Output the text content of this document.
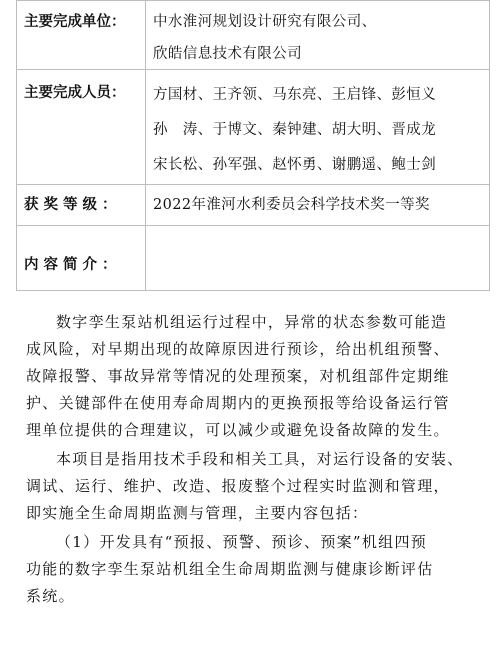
主要完成单位：	中水淮河规划设计研究有限公司、
欣皓信息技术有限公司

主要完成人员：	方国材、王齐领、马东亮、王启锋、彭恒义
孙　涛、于博文、秦钟建、胡大明、晋成龙
宋长松、孙军强、赵怀勇、谢鹏遥、鲍士剑

获奖等级：	2022年淮河水利委员会科学技术奖一等奖

内容简介：	

数字孪生泵站机组运行过程中，异常的状态参数可能造
成风险，对早期出现的故障原因进行预诊，给出机组预警、
故障报警、事故异常等情况的处理预案，对机组部件定期维
护、关键部件在使用寿命周期内的更换预报等给设备运行管
理单位提供的合理建议，可以减少或避免设备故障的发生。
本项目是指用技术手段和相关工具，对运行设备的安装、
调试、运行、维护、改造、报废整个过程实时监测和管理，
即实施全生命周期监测与管理，主要内容包括：
（1）开发具有“预报、预警、预诊、预案”机组四预
功能的数字孪生泵站机组全生命周期监测与健康诊断评估
系统。
